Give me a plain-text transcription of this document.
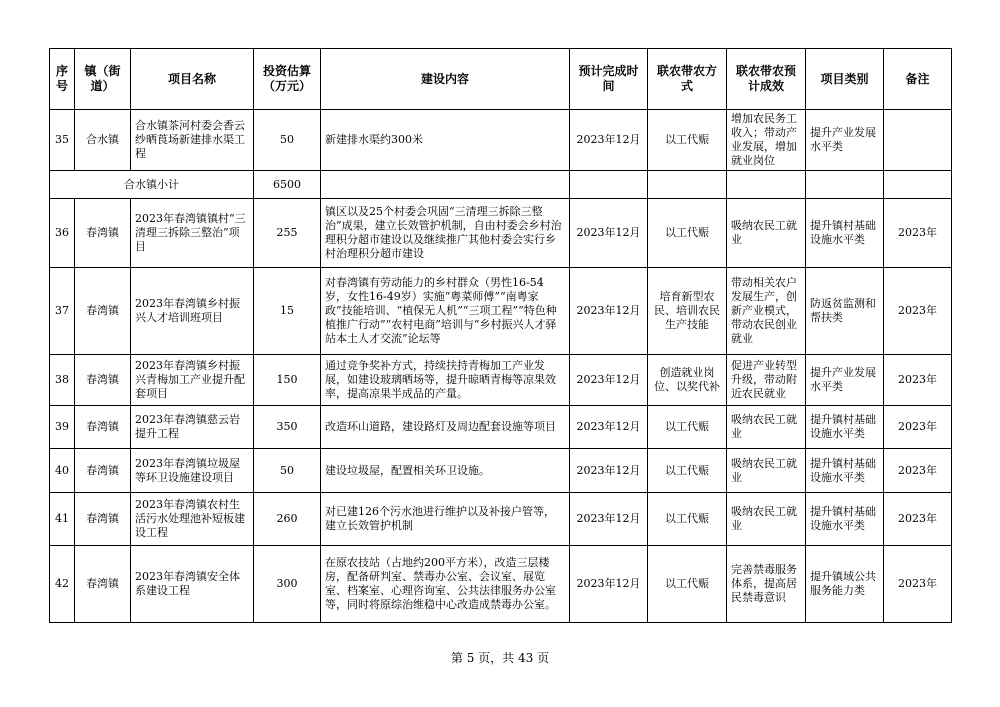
序号	镇（街道）	项目名称	投资估算（万元）	建设内容	预计完成时间	联农带农方式	联农带农预计成效	项目类别	备注
35	合水镇	合水镇茶河村委会香云纱晒莨场新建排水渠工程	50	新建排水渠约300米	2023年12月	以工代赈	增加农民务工收入；带动产业发展，增加就业岗位	提升产业发展水平类	
合水镇小计			6500						
36	春湾镇	2023年春湾镇镇村“三清理三拆除三整治”项目	255	镇区以及25个村委会巩固“三清理三拆除三整治”成果，建立长效管护机制，自由村委会乡村治理积分超市建设以及继续推广其他村委会实行乡村治理积分超市建设	2023年12月	以工代赈	吸纳农民工就业	提升镇村基础设施水平类	2023年
37	春湾镇	2023年春湾镇乡村振兴人才培训班项目	15	对春湾镇有劳动能力的乡村群众（男性16-54岁，女性16-49岁）实施“粤菜师傅”“南粤家政”技能培训、“植保无人机”“三项工程”“特色种植推广行动”“农村电商”培训与“乡村振兴人才驿站本土人才交流”论坛等	2023年12月	培育新型农民、培训农民生产技能	带动相关农户发展生产，创新产业模式，带动农民创业就业	防返贫监测和帮扶类	2023年
38	春湾镇	2023年春湾镇乡村振兴青梅加工产业提升配套项目	150	通过竞争奖补方式，持续扶持青梅加工产业发展，如建设玻璃晒场等，提升晾晒青梅等凉果效率，提高凉果半成品的产量。	2023年12月	创造就业岗位、以奖代补	促进产业转型升级，带动附近农民就业	提升产业发展水平类	2023年
39	春湾镇	2023年春湾镇慈云岩提升工程	350	改造环山道路，建设路灯及周边配套设施等项目	2023年12月	以工代赈	吸纳农民工就业	提升镇村基础设施水平类	2023年
40	春湾镇	2023年春湾镇垃圾屋等环卫设施建设项目	50	建设垃圾屋，配置相关环卫设施。	2023年12月	以工代赈	吸纳农民工就业	提升镇村基础设施水平类	2023年
41	春湾镇	2023年春湾镇农村生活污水处理池补短板建设工程	260	对已建126个污水池进行维护以及补接户管等，建立长效管护机制	2023年12月	以工代赈	吸纳农民工就业	提升镇村基础设施水平类	2023年
42	春湾镇	2023年春湾镇安全体系建设工程	300	在原农技站（占地约200平方米），改造三层楼房，配备研判室、禁毒办公室、会议室、展览室、档案室、心理咨询室、公共法律服务办公室等，同时将原综治维稳中心改造成禁毒办公室。	2023年12月	以工代赈	完善禁毒服务体系，提高居民禁毒意识	提升镇域公共服务能力类	2023年
第 5 页，共 43 页
